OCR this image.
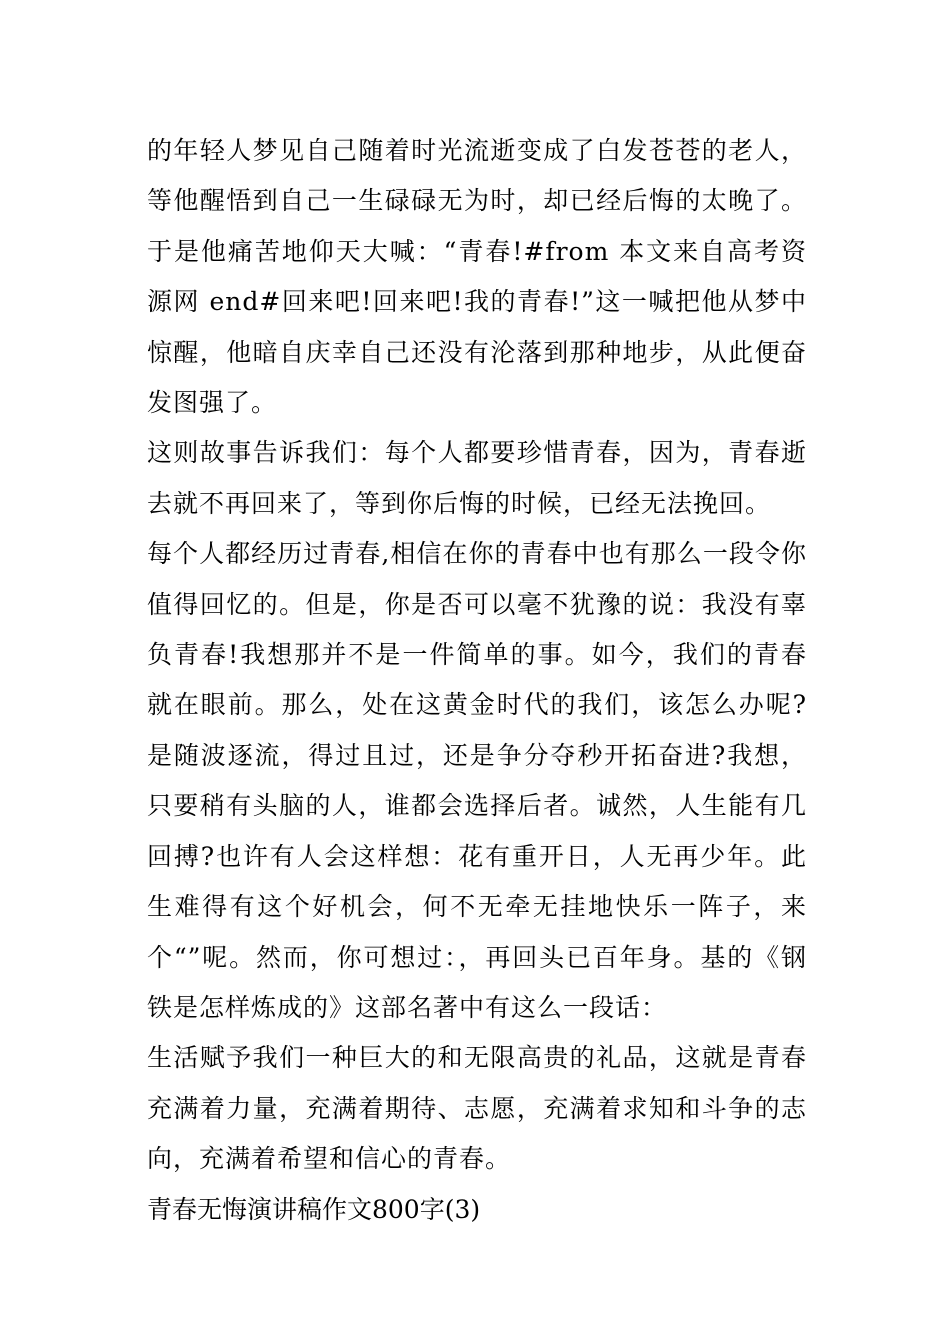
的年轻人梦见自己随着时光流逝变成了白发苍苍的老人，等他醒悟到自己一生碌碌无为时，却已经后悔的太晚了。于是他痛苦地仰天大喊：“青春!#from 本文来自高考资源网 end#回来吧!回来吧!我的青春!”这一喊把他从梦中惊醒，他暗自庆幸自己还没有沦落到那种地步，从此便奋发图强了。

这则故事告诉我们：每个人都要珍惜青春，因为，青春逝去就不再回来了，等到你后悔的时候，已经无法挽回。

每个人都经历过青春,相信在你的青春中也有那么一段令你值得回忆的。但是，你是否可以毫不犹豫的说：我没有辜负青春!我想那并不是一件简单的事。如今，我们的青春就在眼前。那么，处在这黄金时代的我们，该怎么办呢?是随波逐流，得过且过，还是争分夺秒开拓奋进?我想，只要稍有头脑的人，谁都会选择后者。诚然，人生能有几回搏?也许有人会这样想：花有重开日，人无再少年。此生难得有这个好机会，何不无牵无挂地快乐一阵子，来个“”呢。然而，你可想过：，再回头已百年身。基的《钢铁是怎样炼成的》这部名著中有这么一段话：

生活赋予我们一种巨大的和无限高贵的礼品，这就是青春充满着力量，充满着期待、志愿，充满着求知和斗争的志向，充满着希望和信心的青春。

青春无悔演讲稿作文800字(3)
